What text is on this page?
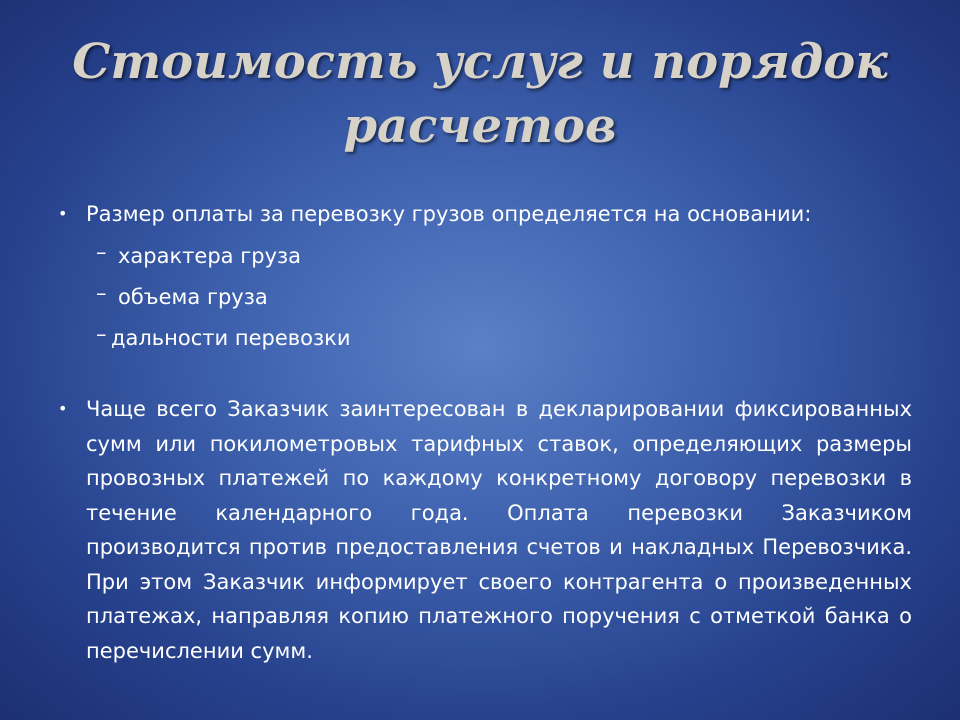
Стоимость услуг и порядок расчетов
• Размер оплаты за перевозку грузов определяется на основании:
– характера груза
– объема груза
– дальности перевозки
• Чаще всего Заказчик заинтересован в декларировании фиксированных сумм или покилометровых тарифных ставок, определяющих размеры провозных платежей по каждому конкретному договору перевозки в течение календарного года. Оплата перевозки Заказчиком производится против предоставления счетов и накладных Перевозчика. При этом Заказчик информирует своего контрагента о произведенных платежах, направляя копию платежного поручения с отметкой банка о перечислении сумм.
